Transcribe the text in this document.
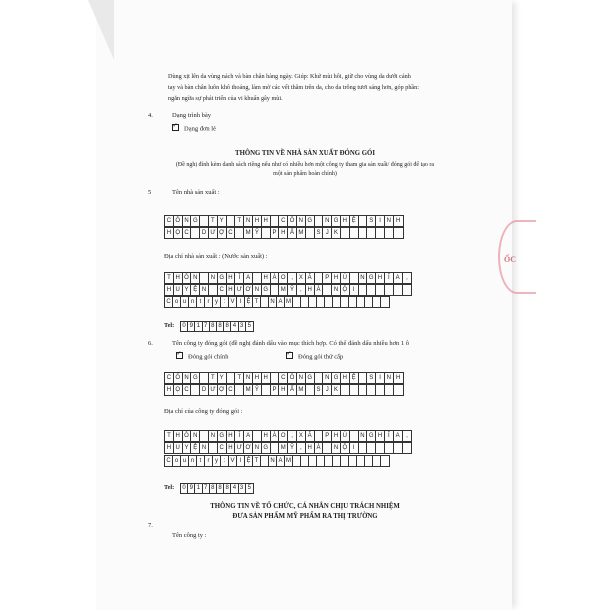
ỐC
Dùng xịt lên da vùng nách và bàn chân hàng ngày. Giúp: Khử mùi hôi, giữ cho vùng da dưới cánh
tay và bàn chân luôn khô thoáng, làm mờ các vết thâm trên da, cho da trông tươi sáng hơn, góp phần:
ngăn ngừa sự phát triển của vi khuẩn gây mùi.
4.	Dạng trình bày
✓Dạng đơn lẻ
THÔNG TIN VỀ NHÀ SẢN XUẤT ĐÓNG GÓI
(Đề nghị đính kèm danh sách riêng nếu như có nhiều hơn một công ty tham gia sản xuất/ đóng gói để tạo ra
một sản phẩm hoàn chỉnh)
5	Tên nhà sản xuất :
C Ô N G	T Y	T N H H	C Ô N G	N G H Ệ	S I N H
H Ọ C	D Ư Ợ C	M Ỹ	P H Ẩ M	S J K
Địa chỉ nhà sản xuất : (Nước sản xuất) :
T H Ô N	N G H Ĩ A	H À O , X Ã	P H Ú	N G H Ĩ A	,
H U Y Ệ N	C H Ư Ơ N G	M Ỹ , H À	N Ộ I
C o u n t	r y : V I Ệ T	N A M
Tel: 0 9 1 7 8 8 8 4 3 5
6.	Tên công ty đóng gói (đề nghị đánh dấu vào mục thích hợp. Có thể đánh dấu nhiều hơn 1 ô
✓Đóng gói chính
✓	Đóng gói thứ cấp
C Ô N G	T Y	T N H H	C Ô N G	N G H Ệ	S I N H
H Ọ C	D Ư Ợ C	M Ỹ	P H Ẩ M	S J K
Địa chỉ của công ty đóng gói :
T H Ô N	N G H Ĩ A	H À O , X Ã	P H Ú	N G H Ĩ A	,
H U Y Ệ N	C H Ư Ơ N G	M Ỹ , H À	N Ộ I
C o u n t	r y : V I Ệ T	N A M
Tel: 0 9 1 7 8 8 8 4 3 5
THÔNG TIN VỀ TỔ CHỨC, CÁ NHÂN CHỊU TRÁCH NHIỆM
ĐƯA SẢN PHẨM MỸ PHẨM RA THỊ TRƯỜNG
7.
Tên công ty :
